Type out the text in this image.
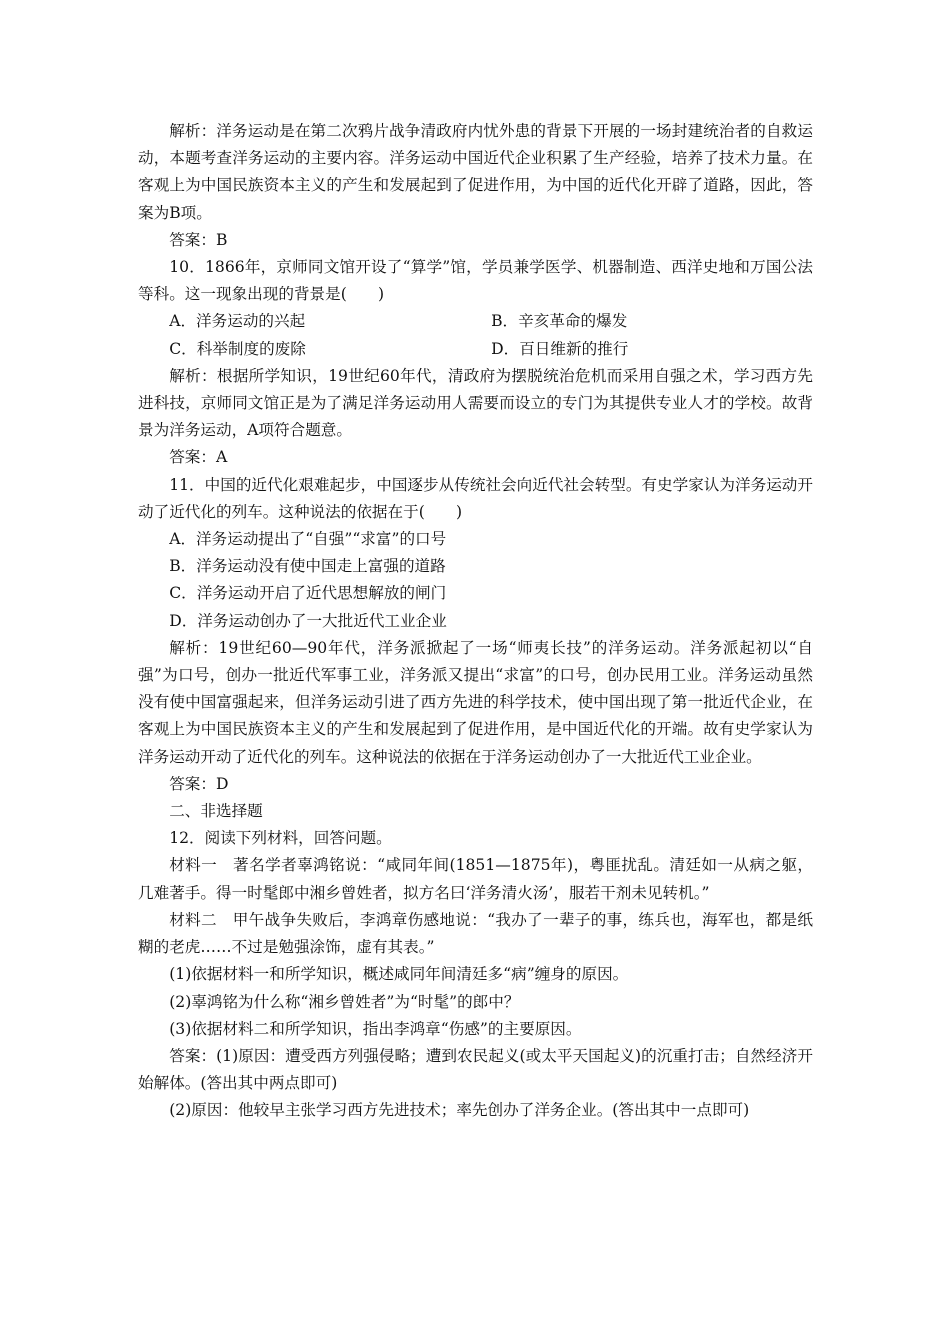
解析：洋务运动是在第二次鸦片战争清政府内忧外患的背景下开展的一场封建统治者的自救运动，本题考查洋务运动的主要内容。洋务运动中国近代企业积累了生产经验，培养了技术力量。在客观上为中国民族资本主义的产生和发展起到了促进作用，为中国的近代化开辟了道路，因此，答案为B项。

答案：B

10．1866年，京师同文馆开设了“算学”馆，学员兼学医学、机器制造、西洋史地和万国公法等科。这一现象出现的背景是(　　)

A．洋务运动的兴起	B．辛亥革命的爆发
C．科举制度的废除	D．百日维新的推行

解析：根据所学知识，19世纪60年代，清政府为摆脱统治危机而采用自强之术，学习西方先进科技，京师同文馆正是为了满足洋务运动用人需要而设立的专门为其提供专业人才的学校。故背景为洋务运动，A项符合题意。

答案：A

11．中国的近代化艰难起步，中国逐步从传统社会向近代社会转型。有史学家认为洋务运动开动了近代化的列车。这种说法的依据在于(　　)

A．洋务运动提出了“自强”“求富”的口号

B．洋务运动没有使中国走上富强的道路

C．洋务运动开启了近代思想解放的闸门

D．洋务运动创办了一大批近代工业企业

解析：19世纪60—90年代，洋务派掀起了一场“师夷长技”的洋务运动。洋务派起初以“自强”为口号，创办一批近代军事工业，洋务派又提出“求富”的口号，创办民用工业。洋务运动虽然没有使中国富强起来，但洋务运动引进了西方先进的科学技术，使中国出现了第一批近代企业，在客观上为中国民族资本主义的产生和发展起到了促进作用，是中国近代化的开端。故有史学家认为洋务运动开动了近代化的列车。这种说法的依据在于洋务运动创办了一大批近代工业企业。

答案：D

二、非选择题

12．阅读下列材料，回答问题。

材料一　著名学者辜鸿铭说：“咸同年间(1851—1875年)，粤匪扰乱。清廷如一从病之躯，几难著手。得一时髦郎中湘乡曾姓者，拟方名曰‘洋务清火汤’，服若干剂未见转机。”

材料二　甲午战争失败后，李鸿章伤感地说：“我办了一辈子的事，练兵也，海军也，都是纸糊的老虎……不过是勉强涂饰，虚有其表。”

(1)依据材料一和所学知识，概述咸同年间清廷多“病”缠身的原因。

(2)辜鸿铭为什么称“湘乡曾姓者”为“时髦”的郎中？

(3)依据材料二和所学知识，指出李鸿章“伤感”的主要原因。

答案：(1)原因：遭受西方列强侵略；遭到农民起义(或太平天国起义)的沉重打击；自然经济开始解体。(答出其中两点即可)

(2)原因：他较早主张学习西方先进技术；率先创办了洋务企业。(答出其中一点即可)
